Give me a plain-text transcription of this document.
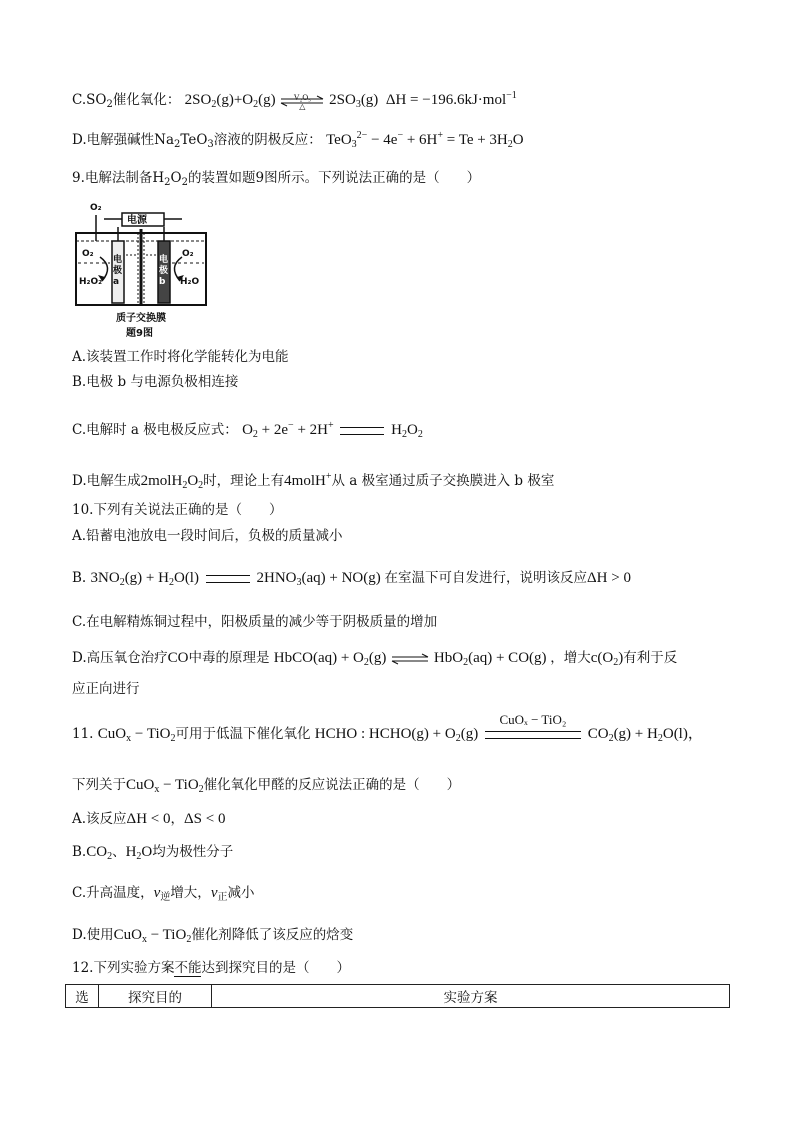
$C.SO_2$催化氧化： $2SO_2(g)+O_2(g)$	V₂O₅
△	$2SO_3(g) \Delta H = -196.6kJ\cdot mol^{-1}$
D.电解强碱性$Na_2TeO_3$溶液的阴极反应： $TeO_3^{2-} - 4e^- + 6H^+ = Te + 3H_2O$
9.电解法制备$H_2O_2$的装置如题9图所示。下列说法正确的是（　　）
电源
O₂
电极a
电极b
O₂
H₂O₂
O₂
H₂O
质子交换膜
题9图
A.该装置工作时将化学能转化为电能
B.电极 b 与电源负极相连接
C.电解时 a 极电极反应式： $O_2 + 2e^- + 2H^+$	$H_2O_2$
D.电解生成$2molH_2O_2$时，理论上有4molH+从 a 极室通过质子交换膜进入 b 极室
10.下列有关说法正确的是（　　）
A.铅蓄电池放电一段时间后，负极的质量减小
B. $3NO_2(g) + H_2O(l)$	$2HNO_3(aq) + NO(g)$ 在室温下可自发进行，说明该反应ΔH > 0
C.在电解精炼铜过程中，阳极质量的减少等于阴极质量的增加
D.高压氧仓治疗CO中毒的原理是 HbCO(aq) + $O_2(g)$ ⇌ HbO$_2$(aq) + CO(g) ，增大$c(O_2)$有利于反
应正向进行
11. CuO$_x$ − TiO$_2$可用于低温下催化氧化 HCHO : HCHO(g) + $O_2(g)$
CuOₓ − TiO₂
$CO_2(g) + H_2O(l)$，
下列关于CuO$_x$ − TiO$_2$催化氧化甲醛的反应说法正确的是（　　）
A.该反应ΔH < 0，ΔS < 0
$B.CO_2$、$H_2O$均为极性分子
C.升高温度，$v_逆$增大，$v_正$减小
D.使用CuO$_x$ − TiO$_2$催化剂降低了该反应的焓变
12.下列实验方案不能达到探究目的是（　　）
选	探究目的	实验方案
